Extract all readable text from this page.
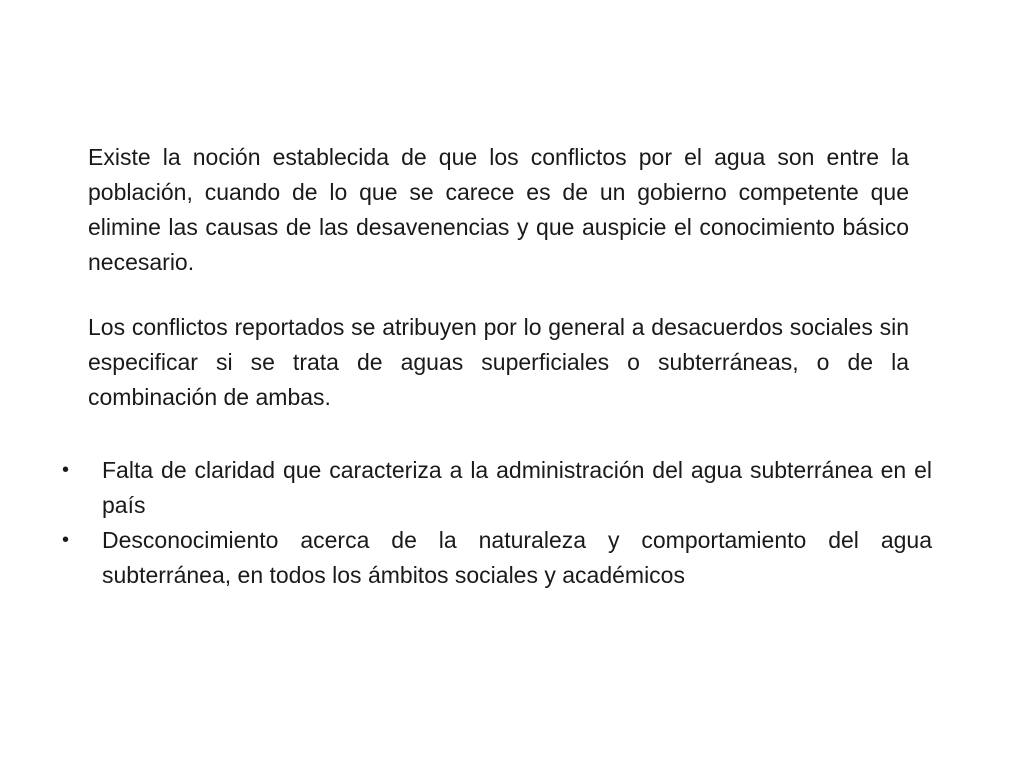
Existe la noción establecida de que los conflictos por el agua son entre la población, cuando de lo que se carece es de un gobierno competente que elimine las causas de las desavenencias y que auspicie el conocimiento básico necesario.

Los conflictos reportados se atribuyen por lo general a desacuerdos sociales sin especificar si se trata de aguas superficiales o subterráneas, o de la combinación de ambas.

•	Falta de claridad que caracteriza a la administración del agua subterránea en el país
•	Desconocimiento acerca de la naturaleza y comportamiento del agua subterránea, en todos los ámbitos sociales y académicos
